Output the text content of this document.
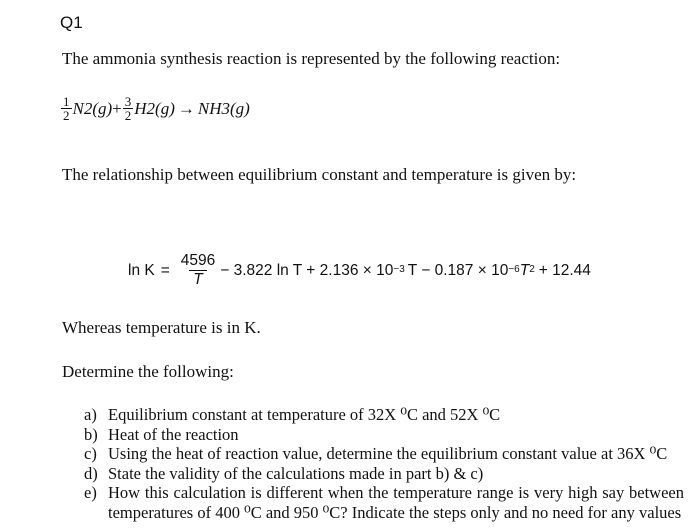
Q1
The ammonia synthesis reaction is represented by the following reaction:
$\frac{1}{2} N2(g) + \frac{3}{2} H2(g) \to NH3(g)$
The relationship between equilibrium constant and temperature is given by:
$\ln K = \frac{4596}{T} - 3.822$ $\ln T + 2.136 \times 10^{-3}$ $T - 0.187 \times 10^{-6}$ $T^2 + 12.44$
Whereas temperature is in K.
Determine the following:
a) Equilibrium constant at temperature of 32X ⁰C and 52X ⁰C
b) Heat of the reaction
c) Using the heat of reaction value, determine the equilibrium constant value at 36X ⁰C
d) State the validity of the calculations made in part b) & c)
e) How this calculation is different when the temperature range is very high say between temperatures of 400 ⁰C and 950 ⁰C? Indicate the steps only and no need for any values
